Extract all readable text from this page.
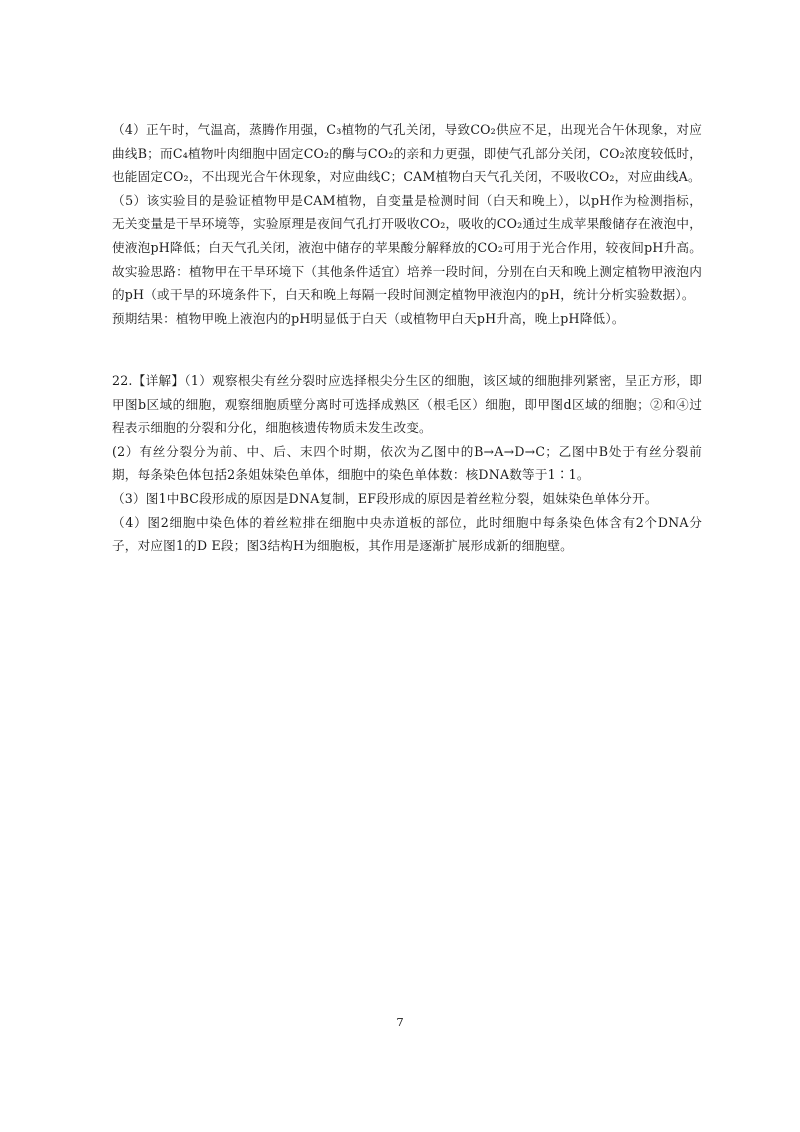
（4）正午时，气温高，蒸腾作用强，C₃植物的气孔关闭，导致CO₂供应不足，出现光合午休现象，对应曲线B；而C₄植物叶肉细胞中固定CO₂的酶与CO₂的亲和力更强，即使气孔部分关闭，CO₂浓度较低时，也能固定CO₂，不出现光合午休现象，对应曲线C；CAM植物白天气孔关闭，不吸收CO₂，对应曲线A。

（5）该实验目的是验证植物甲是CAM植物，自变量是检测时间（白天和晚上），以pH作为检测指标，无关变量是干旱环境等，实验原理是夜间气孔打开吸收CO₂，吸收的CO₂通过生成苹果酸储存在液泡中，使液泡pH降低；白天气孔关闭，液泡中储存的苹果酸分解释放的CO₂可用于光合作用，较夜间pH升高。故实验思路：植物甲在干旱环境下（其他条件适宜）培养一段时间，分别在白天和晚上测定植物甲液泡内的pH（或干旱的环境条件下，白天和晚上每隔一段时间测定植物甲液泡内的pH，统计分析实验数据）。

预期结果：植物甲晚上液泡内的pH明显低于白天（或植物甲白天pH升高，晚上pH降低）。

22.【详解】（1）观察根尖有丝分裂时应选择根尖分生区的细胞，该区域的细胞排列紧密，呈正方形，即甲图b区域的细胞，观察细胞质壁分离时可选择成熟区（根毛区）细胞，即甲图d区域的细胞；②和④过程表示细胞的分裂和分化，细胞核遗传物质未发生改变。

(2）有丝分裂分为前、中、后、末四个时期，依次为乙图中的B→A→D→C；乙图中B处于有丝分裂前期，每条染色体包括2条姐妹染色单体，细胞中的染色单体数：核DNA数等于1∶1。

（3）图1中BC段形成的原因是DNA复制，EF段形成的原因是着丝粒分裂，姐妹染色单体分开。

（4）图2细胞中染色体的着丝粒排在细胞中央赤道板的部位，此时细胞中每条染色体含有2个DNA分子，对应图1的D E段；图3结构H为细胞板，其作用是逐渐扩展形成新的细胞壁。

7
